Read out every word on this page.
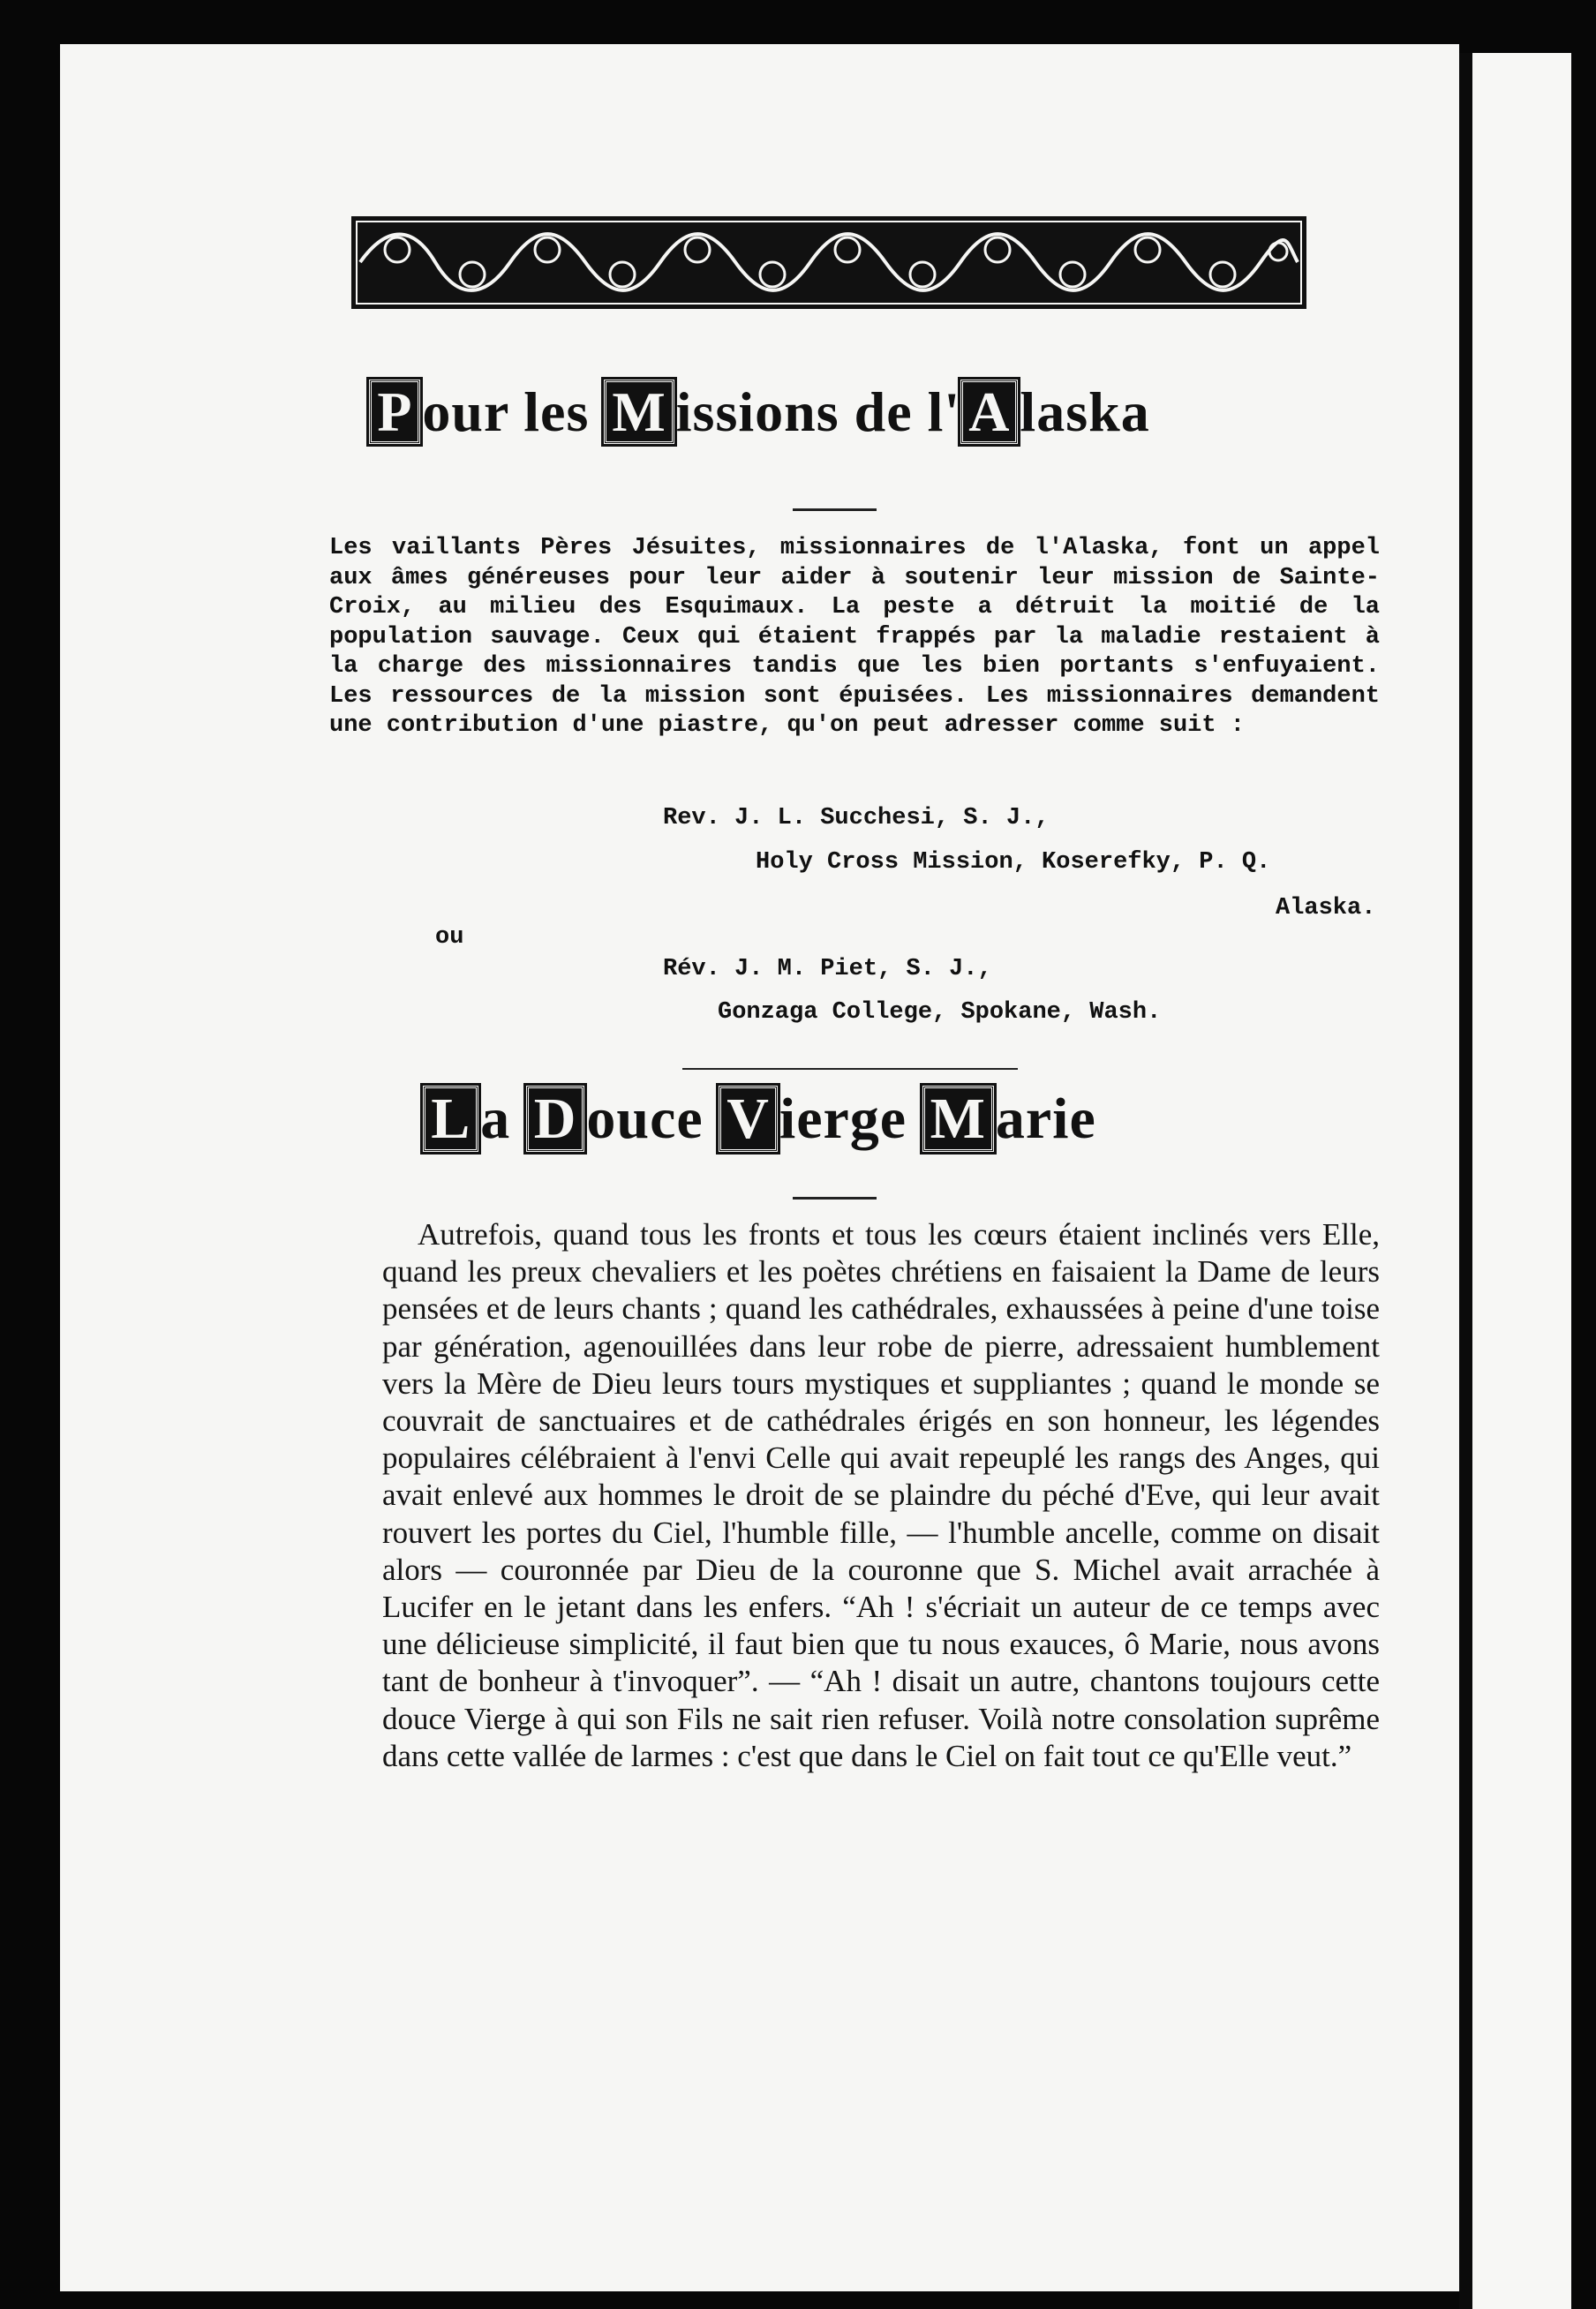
P our les M issions de l' A laska
Les vaillants Pères Jésuites, missionnaires de l'Alaska, font un appel aux âmes généreuses pour leur aider à soutenir leur mission de Sainte-Croix, au milieu des Esquimaux. La peste a détruit la moitié de la population sauvage. Ceux qui étaient frappés par la maladie restaient à la charge des missionnaires tandis que les bien portants s'enfuyaient. Les ressources de la mission sont épuisées. Les missionnaires demandent une contribution d'une piastre, qu'on peut adresser comme suit :
Rev. J. L. Succhesi, S. J.,
Holy Cross Mission, Koserefky, P. Q.
Alaska.
ou
Rév. J. M. Piet, S. J.,
Gonzaga College, Spokane, Wash.
L a D ouce V ierge M arie

Autrefois, quand tous les fronts et tous les cœurs étaient inclinés vers Elle, quand les preux chevaliers et les poètes chrétiens en faisaient la Dame de leurs pensées et de leurs chants ; quand les cathédrales, exhaussées à peine d'une toise par génération, agenouillées dans leur robe de pierre, adressaient humblement vers la Mère de Dieu leurs tours mystiques et suppliantes ; quand le monde se couvrait de sanctuaires et de cathédrales érigés en son honneur, les légendes populaires célébraient à l'envi Celle qui avait repeuplé les rangs des Anges, qui avait enlevé aux hommes le droit de se plaindre du péché d'Eve, qui leur avait rouvert les portes du Ciel, l'humble fille, — l'humble ancelle, comme on disait alors — couronnée par Dieu de la couronne que S. Michel avait arrachée à Lucifer en le jetant dans les enfers. “Ah ! s'écriait un auteur de ce temps avec une délicieuse simplicité, il faut bien que tu nous exauces, ô Marie, nous avons tant de bonheur à t'invoquer”. — “Ah ! disait un autre, chantons toujours cette douce Vierge à qui son Fils ne sait rien refuser. Voilà notre consolation suprême dans cette vallée de larmes : c'est que dans le Ciel on fait tout ce qu'Elle veut.”
